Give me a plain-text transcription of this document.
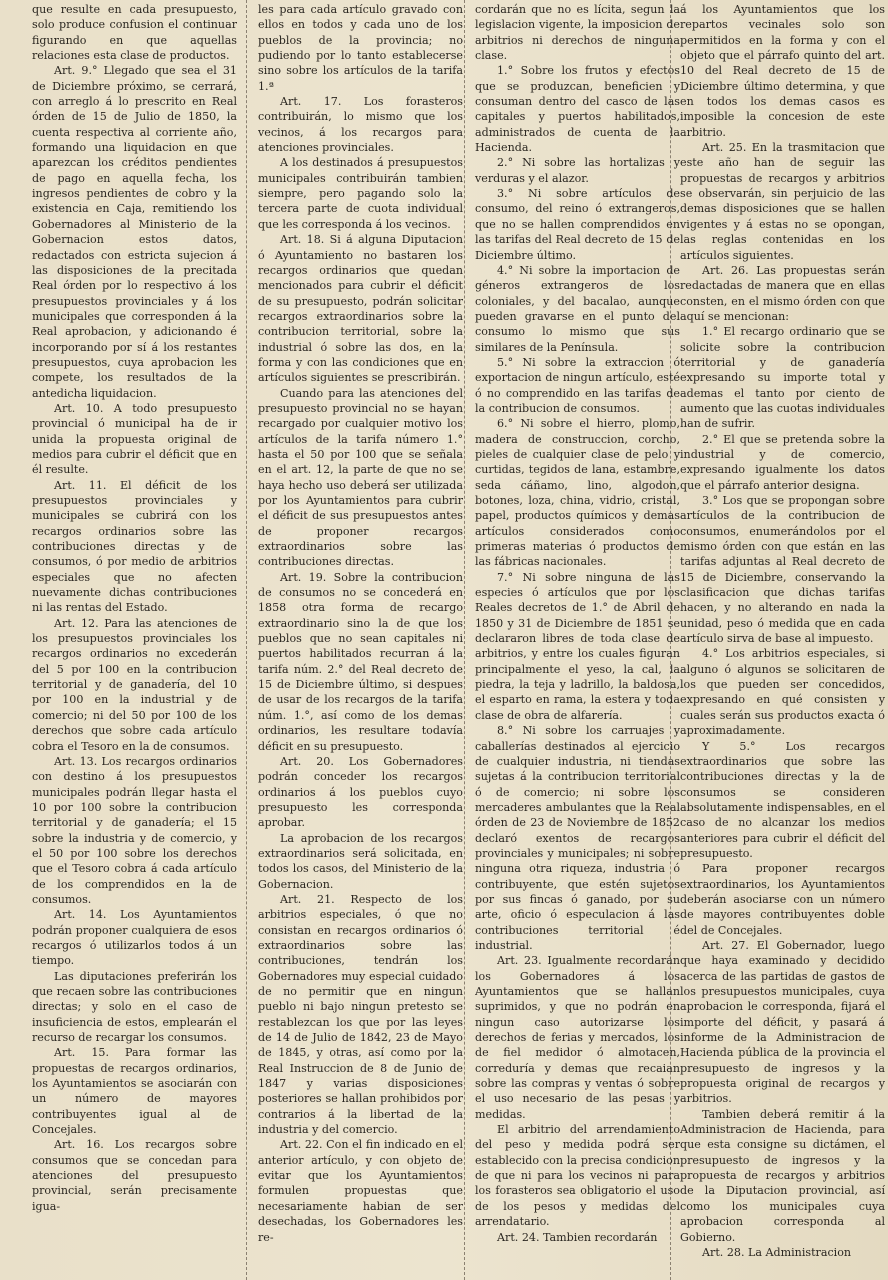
que resulte en cada presupuesto, solo produce confusion el continuar figurando en que aquellas relaciones esta clase de productos.

Art. 9.° Llegado que sea el 31 de Diciembre próximo, se cerrará, con arreglo á lo prescrito en Real órden de 15 de Julio de 1850, la cuenta respectiva al corriente año, formando una liquidacion en que aparezcan los créditos pendientes de pago en aquella fecha, los ingresos pendientes de cobro y la existencia en Caja, remitiendo los Gobernadores al Ministerio de la Gobernacion estos datos, redactados con estricta sujecion á las disposiciones de la precitada Real órden por lo respectivo á los presupuestos provinciales y á los municipales que corresponden á la Real aprobacion, y adicionando é incorporando por sí á los restantes presupuestos, cuya aprobacion les compete, los resultados de la antedicha liquidacion.

Art. 10. A todo presupuesto provincial ó municipal ha de ir unida la propuesta original de medios para cubrir el déficit que en él resulte.

Art. 11. El déficit de los presupuestos provinciales y municipales se cubrirá con los recargos ordinarios sobre las contribuciones directas y de consumos, ó por medio de arbitrios especiales que no afecten nuevamente dichas contribuciones ni las rentas del Estado.

Art. 12. Para las atenciones de los presupuestos provinciales los recargos ordinarios no excederán del 5 por 100 en la contribucion territorial y de ganadería, del 10 por 100 en la industrial y de comercio; ni del 50 por 100 de los derechos que sobre cada artículo cobra el Tesoro en la de consumos.

Art. 13. Los recargos ordinarios con destino á los presupuestos municipales podrán llegar hasta el 10 por 100 sobre la contribucion territorial y de ganadería; el 15 sobre la industria y de comercio, y el 50 por 100 sobre los derechos que el Tesoro cobra á cada artículo de los comprendidos en la de consumos.

Art. 14. Los Ayuntamientos podrán proponer cualquiera de esos recargos ó utilizarlos todos á un tiempo.

Las diputaciones preferirán los que recaen sobre las contribuciones directas; y solo en el caso de insuficiencia de estos, emplearán el recurso de recargar los consumos.

Art. 15. Para formar las propuestas de recargos ordinarios, los Ayuntamientos se asociarán con un número de mayores contribuyentes igual al de Concejales.

Art. 16. Los recargos sobre consumos que se concedan para atenciones del presupuesto provincial, serán precisamente igua-

les para cada artículo gravado con ellos en todos y cada uno de los pueblos de la provincia; no pudiendo por lo tanto establecerse sino sobre los artículos de la tarifa 1.ª

Art. 17. Los forasteros contribuirán, lo mismo que los vecinos, á los recargos para atenciones provinciales.

A los destinados á presupuestos municipales contribuirán tambien siempre, pero pagando solo la tercera parte de cuota individual que les corresponda á los vecinos.

Art. 18. Si á alguna Diputacion ó Ayuntamiento no bastaren los recargos ordinarios que quedan mencionados para cubrir el déficit de su presupuesto, podrán solicitar recargos extraordinarios sobre la contribucion territorial, sobre la industrial ó sobre las dos, en la forma y con las condiciones que en artículos siguientes se prescribirán.

Cuando para las atenciones del presupuesto provincial no se hayan recargado por cualquier motivo los artículos de la tarifa número 1.° hasta el 50 por 100 que se señala en el art. 12, la parte de que no se haya hecho uso deberá ser utilizada por los Ayuntamientos para cubrir el déficit de sus presupuestos antes de proponer recargos extraordinarios sobre las contribuciones directas.

Art. 19. Sobre la contribucion de consumos no se concederá en 1858 otra forma de recargo extraordinario sino la de que los pueblos que no sean capitales ni puertos habilitados recurran á la tarifa núm. 2.° del Real decreto de 15 de Diciembre último, si despues de usar de los recargos de la tarifa núm. 1.°, así como de los demas ordinarios, les resultare todavía déficit en su presupuesto.

Art. 20. Los Gobernadores podrán conceder los recargos ordinarios á los pueblos cuyo presupuesto les corresponda aprobar.

La aprobacion de los recargos extraordinarios será solicitada, en todos los casos, del Ministerio de la Gobernacion.

Art. 21. Respecto de los arbitrios especiales, ó que no consistan en recargos ordinarios ó extraordinarios sobre las contribuciones, tendrán los Gobernadores muy especial cuidado de no permitir que en ningun pueblo ni bajo ningun pretesto se restablezcan los que por las leyes de 14 de Julio de 1842, 23 de Mayo de 1845, y otras, así como por la Real Instruccion de 8 de Junio de 1847 y varias disposiciones posteriores se hallan prohibidos por contrarios á la libertad de la industria y del comercio.

Art. 22. Con el fin indicado en el anterior artículo, y con objeto de evitar que los Ayuntamientos formulen propuestas que necesariamente habian de ser desechadas, los Gobernadores les re-

cordarán que no es lícita, segun la legislacion vigente, la imposicion de arbitrios ni derechos de ninguna clase.

1.° Sobre los frutos y efectos que se produzcan, beneficien y consuman dentro del casco de las capitales y puertos habilitados, administrados de cuenta de la Hacienda.

2.° Ni sobre las hortalizas y verduras y el alazor.

3.° Ni sobre artículos de consumo, del reino ó extrangeros, que no se hallen comprendidos en las tarifas del Real decreto de 15 de Diciembre último.

4.° Ni sobre la importacion de géneros extrangeros de los coloniales, y del bacalao, aunque pueden gravarse en el punto del consumo lo mismo que sus similares de la Península.

5.° Ni sobre la extraccion ó exportacion de ningun artículo, esté ó no comprendido en las tarifas de la contribucion de consumos.

6.° Ni sobre el hierro, plomo, madera de construccion, corcho, pieles de cualquier clase de pelo y curtidas, tegidos de lana, estambre, seda cáñamo, lino, algodon, botones, loza, china, vidrio, cristal, papel, productos químicos y demas artículos considerados como primeras materias ó productos de las fábricas nacionales.

7.° Ni sobre ninguna de las especies ó artículos que por los Reales decretos de 1.° de Abril de 1850 y 31 de Diciembre de 1851 se declararon libres de toda clase de arbitrios, y entre los cuales figuran principalmente el yeso, la cal, la piedra, la teja y ladrillo, la baldosa, el esparto en rama, la estera y toda clase de obra de alfarería.

8.° Ni sobre los carruajes y caballerías destinados al ejercicio de cualquier industria, ni tiendas sujetas á la contribucion territorial ó de comercio; ni sobre los mercaderes ambulantes que la Real órden de 23 de Noviembre de 1852 declaró exentos de recargos provinciales y municipales; ni sobre ninguna otra riqueza, industria ó contribuyente, que estén sujetos por sus fincas ó ganado, por su arte, oficio ó especulacion á las contribuciones territorial é industrial.

Art. 23. Igualmente recordarán los Gobernadores á los Ayuntamientos que se hallan suprimidos, y que no podrán en ningun caso autorizarse los derechos de ferias y mercados, los de fiel medidor ó almotacen, correduría y demas que recaian sobre las compras y ventas ó sobre el uso necesario de las pesas y medidas.

El arbitrio del arrendamiento del peso y medida podrá ser establecido con la precisa condicion de que ni para los vecinos ni para los forasteros sea obligatorio el uso de los pesos y medidas del arrendatario.

Art. 24. Tambien recordarán

á los Ayuntamientos que los repartos vecinales solo son permitidos en la forma y con el objeto que el párrafo quinto del art. 10 del Real decreto de 15 de Diciembre último determina, y que en todos los demas casos es imposible la concesion de este arbitrio.

Art. 25. En la trasmitacion que este año han de seguir las propuestas de recargos y arbitrios se observarán, sin perjuicio de las demas disposiciones que se hallen vigentes y á estas no se opongan, las reglas contenidas en los artículos siguientes.

Art. 26. Las propuestas serán redactadas de manera que en ellas consten, en el mismo órden con que aquí se mencionan:

1.° El recargo ordinario que se solicite sobre la contribucion territorial y de ganadería expresando su importe total y ademas el tanto por ciento de aumento que las cuotas individuales han de sufrir.

2.° El que se pretenda sobre la industrial y de comercio, expresando igualmente los datos que el párrafo anterior designa.

3.° Los que se propongan sobre artículos de la contribucion de consumos, enumerándolos por el mismo órden con que están en las tarifas adjuntas al Real decreto de 15 de Diciembre, conservando la clasificacion que dichas tarifas hacen, y no alterando en nada la unidad, peso ó medida que en cada artículo sirva de base al impuesto.

4.° Los arbitrios especiales, si alguno ó algunos se solicitaren de los que pueden ser concedidos, expresando en qué consisten y cuales serán sus productos exacta ó aproximadamente.

Y 5.° Los recargos extraordinarios que sobre las contribuciones directas y la de consumos se consideren absolutamente indispensables, en el caso de no alcanzar los medios anteriores para cubrir el déficit del presupuesto.

Para proponer recargos extraordinarios, los Ayuntamientos deberán asociarse con un número de mayores contribuyentes doble del de Concejales.

Art. 27. El Gobernador, luego que haya examinado y decidido acerca de las partidas de gastos de los presupuestos municipales, cuya aprobacion le corresponda, fijará el importe del déficit, y pasará á informe de la Administracion de Hacienda pública de la provincia el presupuesto de ingresos y la propuesta original de recargos y arbitrios.

Tambien deberá remitir á la Administracion de Hacienda, para que esta consigne su dictámen, el presupuesto de ingresos y la propuesta de recargos y arbitrios de la Diputacion provincial, así como los municipales cuya aprobacion corresponda al Gobierno.

Art. 28. La Administracion
